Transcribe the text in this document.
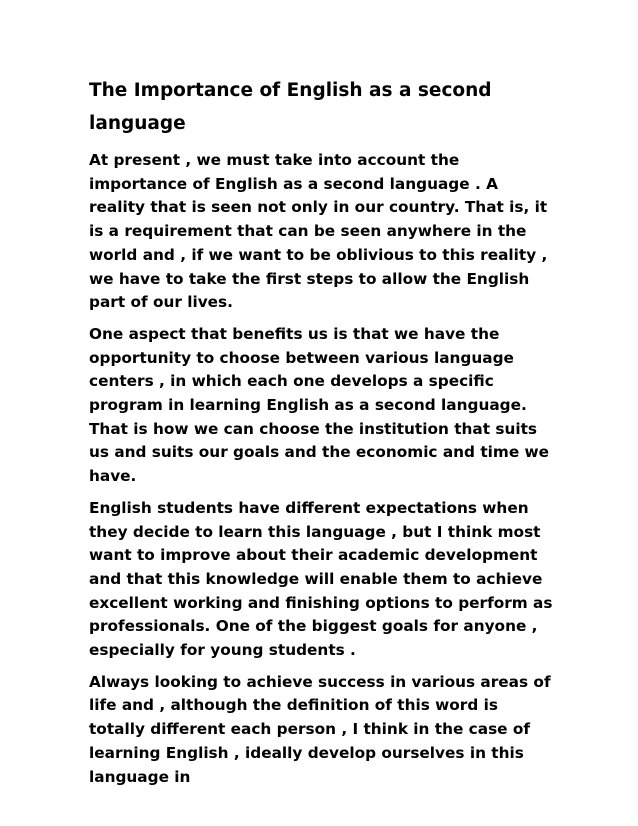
The Importance of English as a second language

At present , we must take into account the importance of English as a second language . A reality that is seen not only in our country. That is, it is a requirement that can be seen anywhere in the world and , if we want to be oblivious to this reality , we have to take the first steps to allow the English part of our lives.

One aspect that benefits us is that we have the opportunity to choose between various language centers , in which each one develops a specific program in learning English as a second language. That is how we can choose the institution that suits us and suits our goals and the economic and time we have.

English students have different expectations when they decide to learn this language , but I think most want to improve about their academic development and that this knowledge will enable them to achieve excellent working and finishing options to perform as professionals. One of the biggest goals for anyone , especially for young students .

Always looking to achieve success in various areas of life and , although the definition of this word is totally different each person , I think in the case of learning English , ideally develop ourselves in this language in
